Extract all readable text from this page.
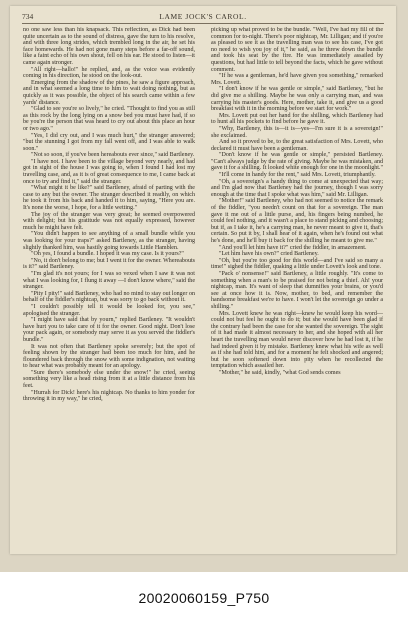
734	LAME JOCK'S CAROL.

no one saw less than his knapsack. This reflection, as Dick had been quite uncertain as to the sound of distress, gave the turn to his resolve, and with three long strides, which trembled long in the air, he set his face homewards. He had not gone many steps before a far-off sound, like a faint echo of his own shout, fell on his ear. He stood to listen—it came again stronger.

"All right—hallo!" he replied, and, as the voice was evidently coming in his direction, he stood on the look-out.

Emerging from the shadow of the pines, he saw a figure approach, and in what seemed a long time to him to wait doing nothing, but as quickly as it was possible, the object of his search came within a few yards' distance.

"Glad to see you're so lively," he cried. "Thought to find you as still as this rock by the long lying on a snow bed you must have had, if so be you're the person that was heard to cry out about this place an hour or two ago."

"Yes, I did cry out, and I was much hurt," the stranger answered; "but the stunning I got from my fall went off, and I was able to walk soon."

"Not so soon, if you've been hereabouts ever since," said Bartleney.

"I have not. I have been to the village beyond very nearly, and had got in sight of the house I was going to, when I found I had lost my travelling case, and, as it is of great consequence to me, I came back at once to try and find it," said the stranger.

"What might it be like?" said Bartleney, afraid of parting with the case to any but the owner. The stranger described it readily, on which he took it from his back and handed it to him, saying, "Here you are. It's none the worse, I hope, for a little wetting."

The joy of the stranger was very great; he seemed overpowered with delight; but his gratitude was not equally expressed, however much he might have felt.

"You didn't happen to see anything of a small bundle while you was looking for your traps?" asked Bartleney, as the stranger, having slightly thanked him, was hastily going towards Little Hamblen.

"Oh yes, I found a bundle. I hoped it was my case. Is it yours?"

"No, it don't belong to me; but I went it for the owner. Whereabouts is it?" said Bartleney.

"I'm glad it's not yours; for I was so vexed when I saw it was not what I was looking for, I flung it away —I don't know where," said the stranger.

"Pity I pity!" said Bartleney, who had no mind to stay out longer on behalf of the fiddler's nightcap, but was sorry to go back without it.

"I couldn't possibly tell it would be looked for, you see," apologised the stranger.

"I might have said that by yourn," replied Bartleney. "It wouldn't have hurt you to take care of it for the owner. Good night. Don't lose your pack again, or somebody may serve it as you served the fiddler's bundle."

It was not often that Bartleney spoke severely; but the spot of feeling shown by the stranger had been too much for him, and he floundered back through the snow with some indignation, not waiting to hear what was probably meant for an apology.

"Sure there's somebody else under the snow!" he cried, seeing something very like a head rising from it at a little distance from his feet.

"Hurrah for Dick! here's his nightcap. No thanks to him yonder for throwing it in my way," he cried,

picking up what proved to be the bundle. "Well, I've had my fill of the common for to-night. There's poor nightcap, Mr. Lilligan; and if you're as pleased to see it as the travelling man was to see his case, I've got no need to wish you joy of it," he said, as he threw down the bundle and took his seat by the fire. He was immediately assailed by questions, but had little to tell beyond the facts, which he gave without comment.

"If he was a gentleman, he'd have given you something," remarked Mrs. Lovett.

"I don't know if he was gentle or simple," said Bartleney, "but he did give me a shilling. Maybe he was only a carrying man, and was carrying his master's goods. Here, mother, take it, and give us a good breakfast with it in the morning before we start for work."

Mrs. Lovett put out her hand for the shilling, which Bartleney had to hunt all his pockets to find before he gave it.

"Why, Bartleney, this is—it is—yes—I'm sure it is a sovereign!" she exclaimed.

And so it proved to be, to the great satisfaction of Mrs. Lovett, who declared it must have been a gentleman.

"Don't know if he was gentle or simple," persisted Bartleney. "Can't always judge by the rate of giving. Maybe he was mistaken, and gave it for a shilling. It looked white enough for one in the moonlight."

"It'll come in handy for the rent," said Mrs. Lovett, triumphantly.

"Oh, a sovereign's a handy thing to come at unexpected that way; and I'm glad now that Bartleney had the journey, though I was sorry enough at the time that I spoke what was him," said Mr. Lilligan.

"Mother!" said Bartleney, who had not seemed to notice the remark of the fiddler, "you needn't count on that for a sovereign. The man gave it me out of a little purse, and, his fingers being numbed, he could feel nothing, and it wasn't a place to stand picking and choosing; but if, as I take it, he's a carrying man, he never meant to give it, that's certain. So put it by, I shall hear of it again, when he's found out what he's done, and he'll buy it back for the shilling he meant to give me."

"And you'll let him have it?" cried the fiddler, in amazement.

"Let him have his own?" cried Bartleney.

"Oh, but you're too good for this world—and I've said so many a time!" sighed the fiddler, quaking a little under Lovett's look and tone.

"Pack o' nonsense!" said Bartleney, a little roughly. "It's come to something when a man's to be praised for not being a thief. Ah! your nightcap, man. It's want of sleep that dumnifies your brains, or you'd see at once how it is. Now, mother, to bed, and remember the handsome breakfast we're to have. I won't let the sovereign go under a shilling."

Mrs. Lovett knew he was right—knew he would keep his word—could not but feel he ought to do it; but she would have been glad if the contrary had been the case for she wanted the sovereign. The sight of it had made it almost necessary to her, and she hoped with all her heart the travelling man would never discover how he had lost it, if he had indeed given it by mistake. Bartleney knew what his wife as well as if she had told him, and for a moment he felt shocked and angered; but he soon softened down into pity when he recollected the temptation which assailed her.

"Mother," he said, kindly, "what God sends comes

20020060159_P750
